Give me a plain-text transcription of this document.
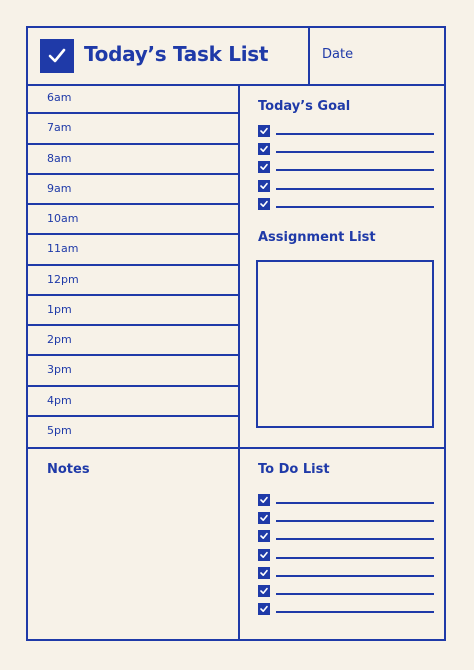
Today’s Task List	Date
6am
7am
8am
9am
10am
11am
12pm
1pm
2pm
3pm
4pm
5pm
Today’s Goal
Assignment List
Notes	To Do List
